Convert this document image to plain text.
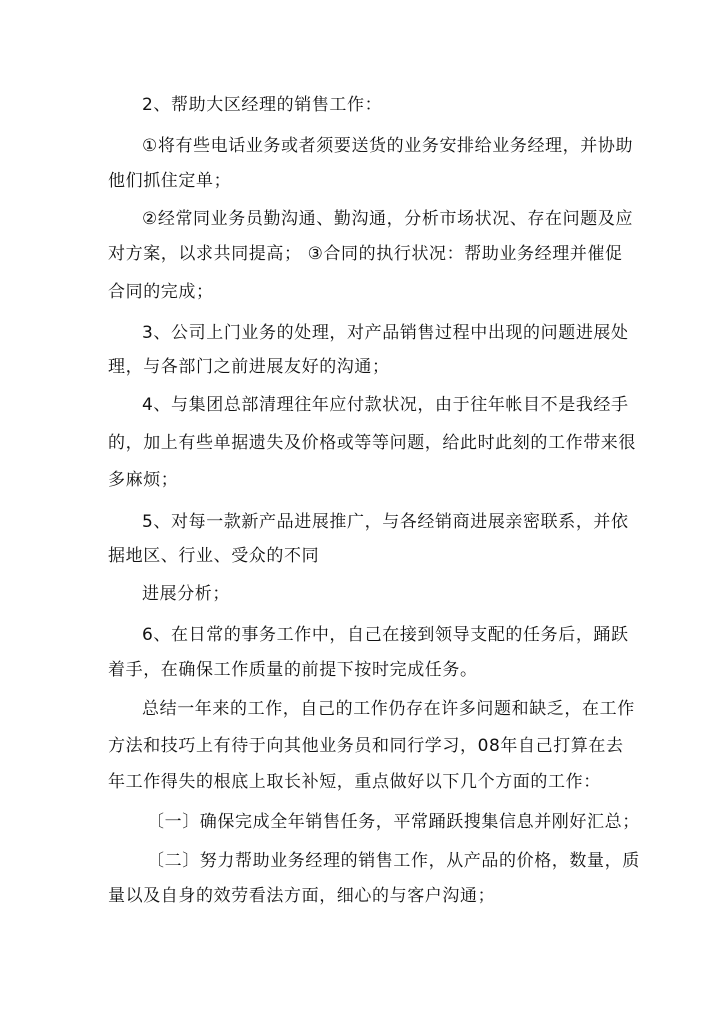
2、帮助大区经理的销售工作：
①将有些电话业务或者须要送货的业务安排给业务经理，并协助
他们抓住定单；
②经常同业务员勤沟通、勤沟通，分析市场状况、存在问题及应
对方案，以求共同提高； ③合同的执行状况：帮助业务经理并催促
合同的完成；
3、公司上门业务的处理，对产品销售过程中出现的问题进展处
理，与各部门之前进展友好的沟通；
4、与集团总部清理往年应付款状况，由于往年帐目不是我经手
的，加上有些单据遗失及价格或等等问题，给此时此刻的工作带来很
多麻烦；
5、对每一款新产品进展推广，与各经销商进展亲密联系，并依
据地区、行业、受众的不同
进展分析；
6、在日常的事务工作中，自己在接到领导支配的任务后，踊跃
着手，在确保工作质量的前提下按时完成任务。
总结一年来的工作，自己的工作仍存在许多问题和缺乏，在工作
方法和技巧上有待于向其他业务员和同行学习，08年自己打算在去
年工作得失的根底上取长补短，重点做好以下几个方面的工作：
〔一〕确保完成全年销售任务，平常踊跃搜集信息并刚好汇总；
〔二〕努力帮助业务经理的销售工作，从产品的价格，数量，质
量以及自身的效劳看法方面，细心的与客户沟通；
